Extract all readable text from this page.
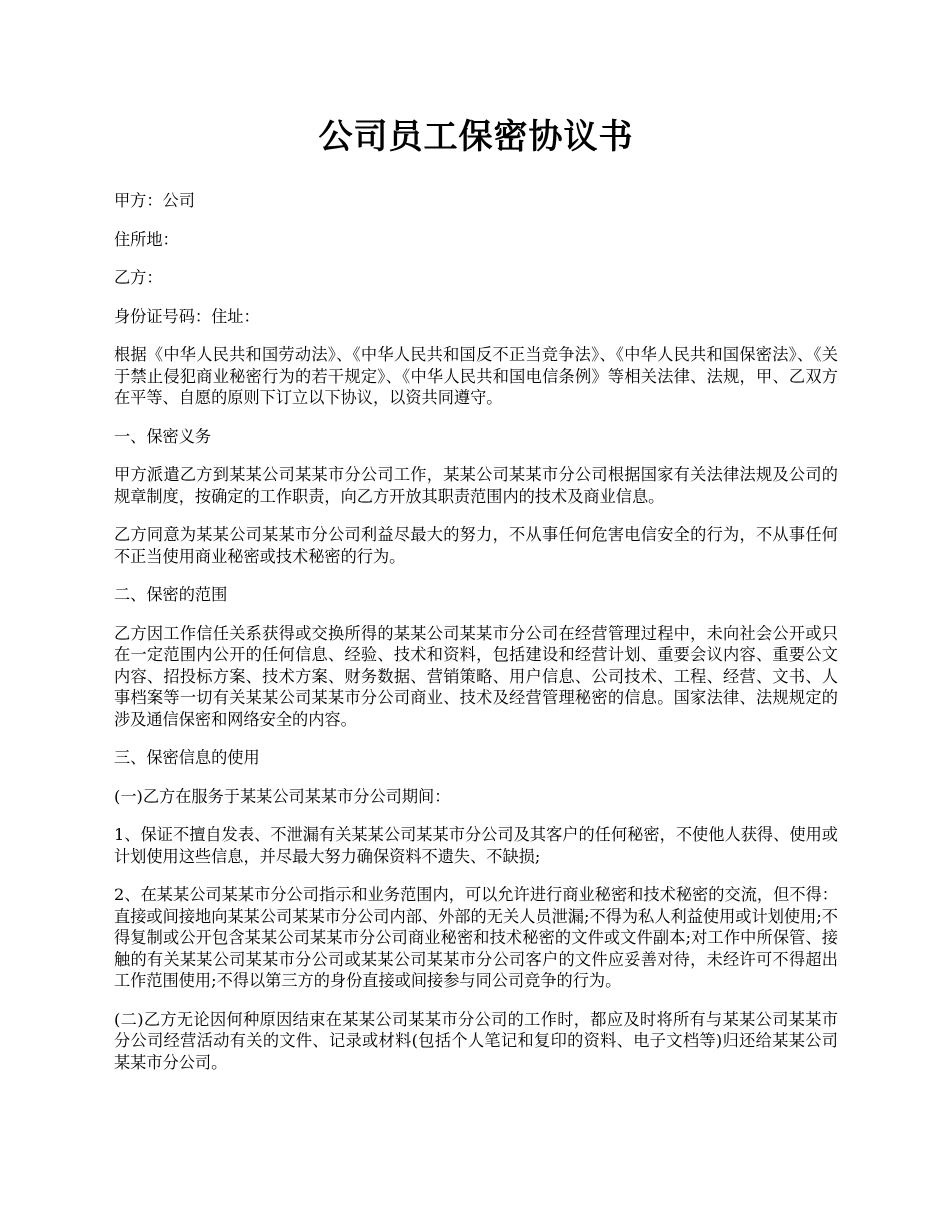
公司员工保密协议书

甲方：公司

住所地：

乙方：

身份证号码：住址：

根据《中华人民共和国劳动法》、《中华人民共和国反不正当竞争法》、《中华人民共和国保密法》、《关于禁止侵犯商业秘密行为的若干规定》、《中华人民共和国电信条例》等相关法律、法规，甲、乙双方在平等、自愿的原则下订立以下协议，以资共同遵守。

一、保密义务

甲方派遣乙方到某某公司某某市分公司工作，某某公司某某市分公司根据国家有关法律法规及公司的规章制度，按确定的工作职责，向乙方开放其职责范围内的技术及商业信息。

乙方同意为某某公司某某市分公司利益尽最大的努力，不从事任何危害电信安全的行为，不从事任何不正当使用商业秘密或技术秘密的行为。

二、保密的范围

乙方因工作信任关系获得或交换所得的某某公司某某市分公司在经营管理过程中，未向社会公开或只在一定范围内公开的任何信息、经验、技术和资料，包括建设和经营计划、重要会议内容、重要公文内容、招投标方案、技术方案、财务数据、营销策略、用户信息、公司技术、工程、经营、文书、人事档案等一切有关某某公司某某市分公司商业、技术及经营管理秘密的信息。国家法律、法规规定的涉及通信保密和网络安全的内容。

三、保密信息的使用

(一)乙方在服务于某某公司某某市分公司期间：

1、保证不擅自发表、不泄漏有关某某公司某某市分公司及其客户的任何秘密，不使他人获得、使用或计划使用这些信息，并尽最大努力确保资料不遗失、不缺损;

2、在某某公司某某市分公司指示和业务范围内，可以允许进行商业秘密和技术秘密的交流，但不得：直接或间接地向某某公司某某市分公司内部、外部的无关人员泄漏;不得为私人利益使用或计划使用;不得复制或公开包含某某公司某某市分公司商业秘密和技术秘密的文件或文件副本;对工作中所保管、接触的有关某某公司某某市分公司或某某公司某某市分公司客户的文件应妥善对待，未经许可不得超出工作范围使用;不得以第三方的身份直接或间接参与同公司竞争的行为。

(二)乙方无论因何种原因结束在某某公司某某市分公司的工作时，都应及时将所有与某某公司某某市分公司经营活动有关的文件、记录或材料(包括个人笔记和复印的资料、电子文档等)归还给某某公司某某市分公司。
